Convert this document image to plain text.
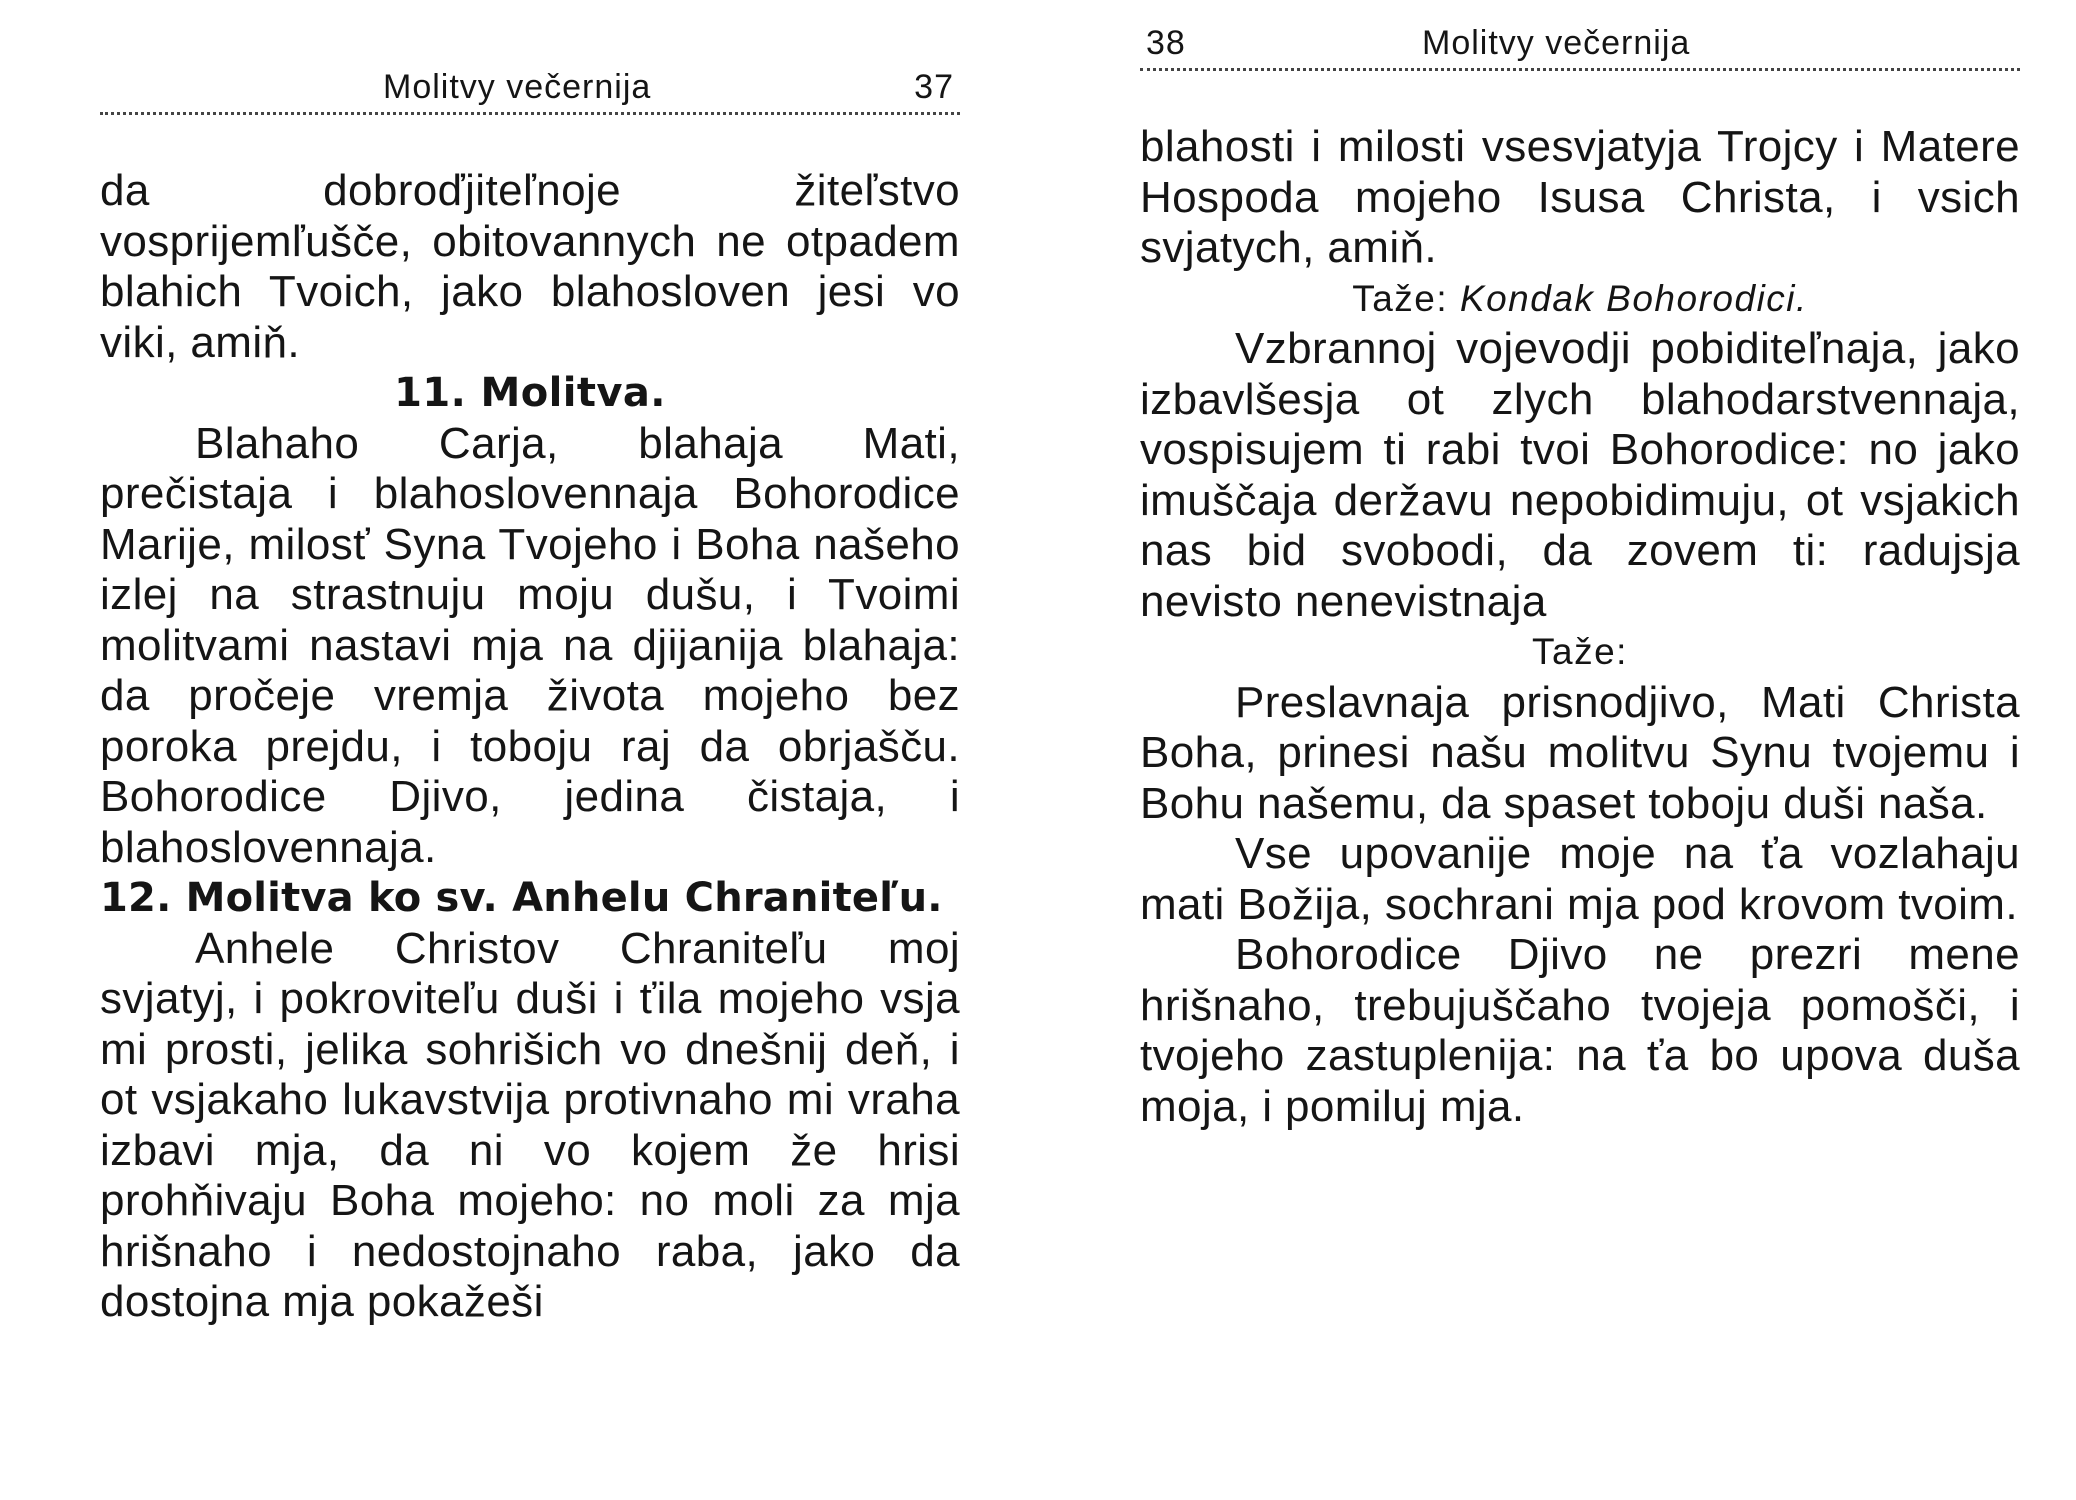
Molitvy večernija	37

da dobroďjiteľnoje žiteľstvo vosprijemľušče, obitovannych ne otpadem blahich Tvoich, jako blahosloven jesi vo viki, amiň.

11. Molitva.

Blahaho Carja, blahaja Mati, prečistaja i blahoslovennaja Bohorodice Marije, milosť Syna Tvojeho i Boha našeho izlej na strastnuju moju dušu, i Tvoimi molitvami nastavi mja na djijanija blahaja: da pročeje vremja života mojeho bez poroka prejdu, i toboju raj da obrjašču. Bohorodice Djivo, jedina čistaja, i blahoslovennaja.

12. Molitva ko sv. Anhelu Chraniteľu.

Anhele Christov Chraniteľu moj svjatyj, i pokroviteľu duši i ťila mojeho vsja mi prosti, jelika sohrišich vo dnešnij deň, i ot vsjakaho lukavstvija protivnaho mi vraha izbavi mja, da ni vo kojem že hrisi prohňivaju Boha mojeho: no moli za mja hrišnaho i nedostojnaho raba, jako da dostojna mja pokažeši

38	Molitvy večernija

blahosti i milosti vsesvjatyja Trojcy i Matere Hospoda mojeho Isusa Christa, i vsich svjatych, amiň.

Taže: Kondak Bohorodici.

Vzbrannoj vojevodji pobiditeľnaja, jako izbavlšesja ot zlych blahodarstvennaja, vospisujem ti rabi tvoi Bohorodice: no jako imuščaja deržavu nepobidimuju, ot vsjakich nas bid svobodi, da zovem ti: radujsja nevisto nenevistnaja

Taže:

Preslavnaja prisnodjivo, Mati Christa Boha, prinesi našu molitvu Synu tvojemu i Bohu našemu, da spaset toboju duši naša.

Vse upovanije moje na ťa vozlahaju mati Božija, sochrani mja pod krovom tvoim.

Bohorodice Djivo ne prezri mene hrišnaho, trebujuščaho tvojeja pomošči, i tvojeho zastuplenija: na ťa bo upova duša moja, i pomiluj mja.
